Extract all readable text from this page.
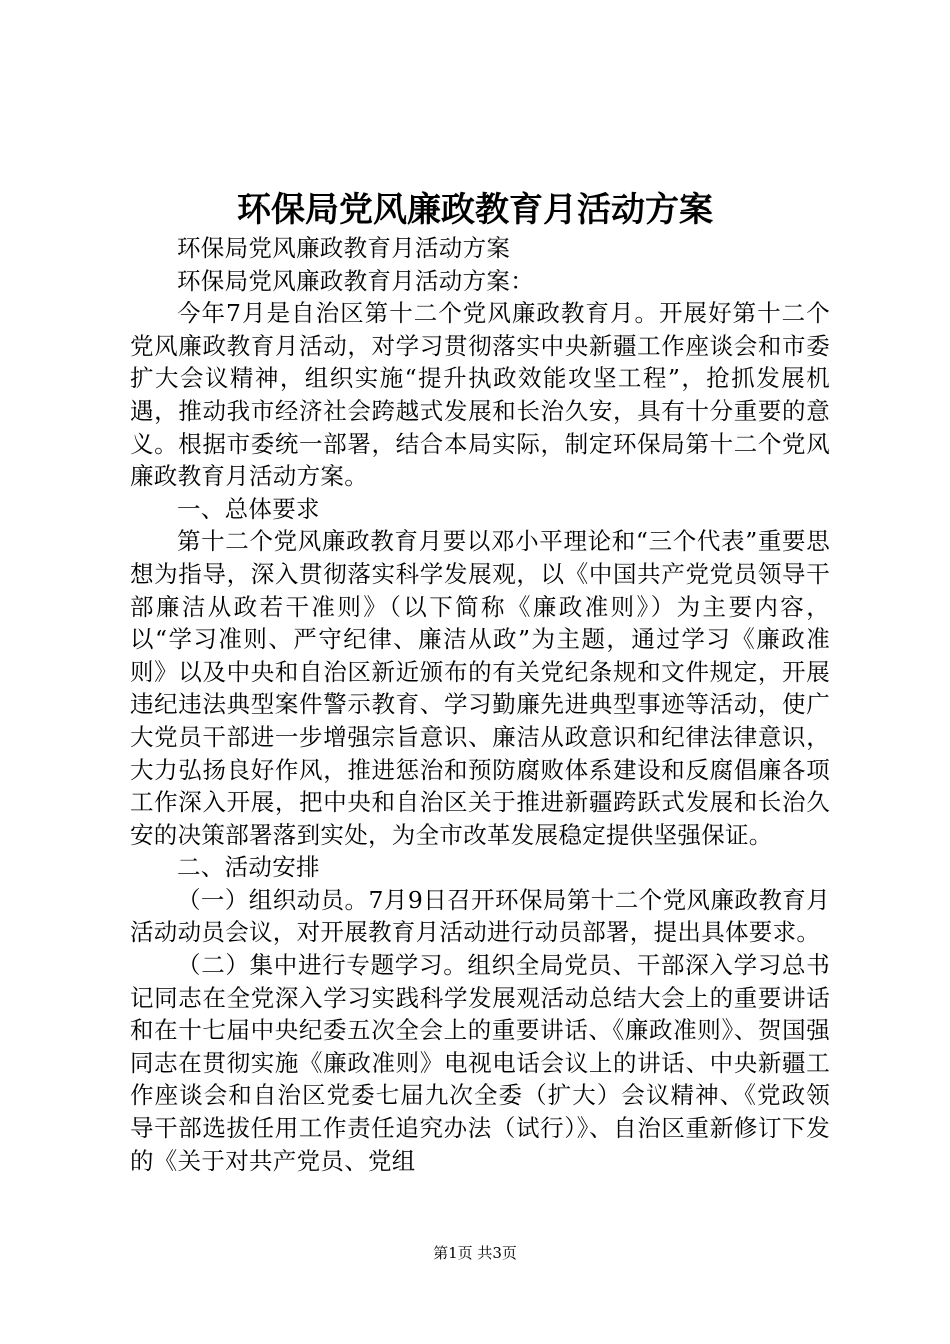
环保局党风廉政教育月活动方案

环保局党风廉政教育月活动方案

环保局党风廉政教育月活动方案：

今年7月是自治区第十二个党风廉政教育月。开展好第十二个党风廉政教育月活动，对学习贯彻落实中央新疆工作座谈会和市委扩大会议精神，组织实施“提升执政效能攻坚工程”，抢抓发展机遇，推动我市经济社会跨越式发展和长治久安，具有十分重要的意义。根据市委统一部署，结合本局实际，制定环保局第十二个党风廉政教育月活动方案。

一、总体要求

第十二个党风廉政教育月要以邓小平理论和“三个代表”重要思想为指导，深入贯彻落实科学发展观，以《中国共产党党员领导干部廉洁从政若干准则》（以下简称《廉政准则》）为主要内容，以“学习准则、严守纪律、廉洁从政”为主题，通过学习《廉政准则》以及中央和自治区新近颁布的有关党纪条规和文件规定，开展违纪违法典型案件警示教育、学习勤廉先进典型事迹等活动，使广大党员干部进一步增强宗旨意识、廉洁从政意识和纪律法律意识，大力弘扬良好作风，推进惩治和预防腐败体系建设和反腐倡廉各项工作深入开展，把中央和自治区关于推进新疆跨跃式发展和长治久安的决策部署落到实处，为全市改革发展稳定提供坚强保证。

二、活动安排

（一）组织动员。7月9日召开环保局第十二个党风廉政教育月活动动员会议，对开展教育月活动进行动员部署，提出具体要求。

（二）集中进行专题学习。组织全局党员、干部深入学习总书记同志在全党深入学习实践科学发展观活动总结大会上的重要讲话和在十七届中央纪委五次全会上的重要讲话、《廉政准则》、贺国强同志在贯彻实施《廉政准则》电视电话会议上的讲话、中央新疆工作座谈会和自治区党委七届九次全委（扩大）会议精神、《党政领导干部选拔任用工作责任追究办法（试行）》、自治区重新修订下发的《关于对共产党员、党组

第1页 共3页
